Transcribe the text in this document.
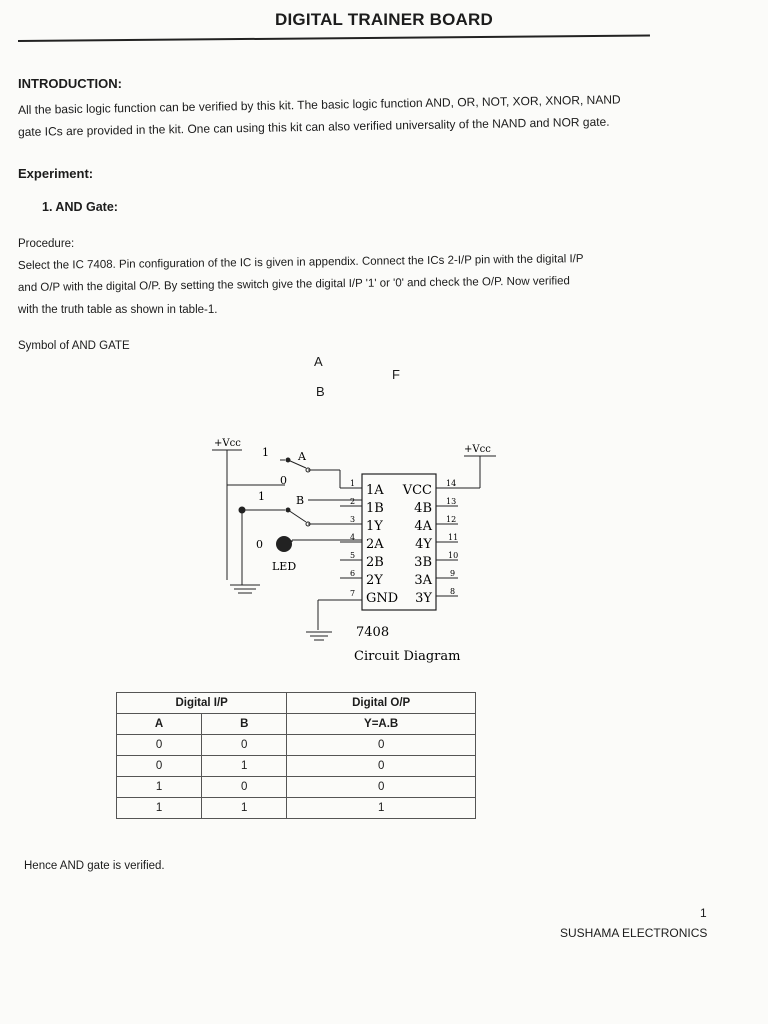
DIGITAL TRAINER BOARD
INTRODUCTION:
All the basic logic function can be verified by this kit. The basic logic function AND, OR, NOT, XOR, XNOR, NAND
gate ICs are provided in the kit. One can using this kit can also verified universality of the NAND and NOR gate.
Experiment:
1. AND Gate:
Procedure:
Select the IC 7408. Pin configuration of the IC is given in appendix. Connect the ICs 2-I/P pin with the digital I/P
and O/P with the digital O/P. By setting the switch give the digital I/P '1' or '0' and check the O/P. Now verified
with the truth table as shown in table-1.
Symbol of AND GATE
A
B
F
+Vcc
+Vcc
1	A
0
1	B
0
LED
1A
1B
1Y
2A
2B
2Y
GND
VCC
4B
4A
4Y
3B
3A
3Y
1
2
3
4
5
6
7
14
13
12
11
10
9
8
7408
Circuit Diagram
Digital I/P		Digital O/P
A	B	Y=A.B
0	0	0
0	1	0
1	0	0
1	1	1
Hence AND gate is verified.
1
SUSHAMA ELECTRONICS
